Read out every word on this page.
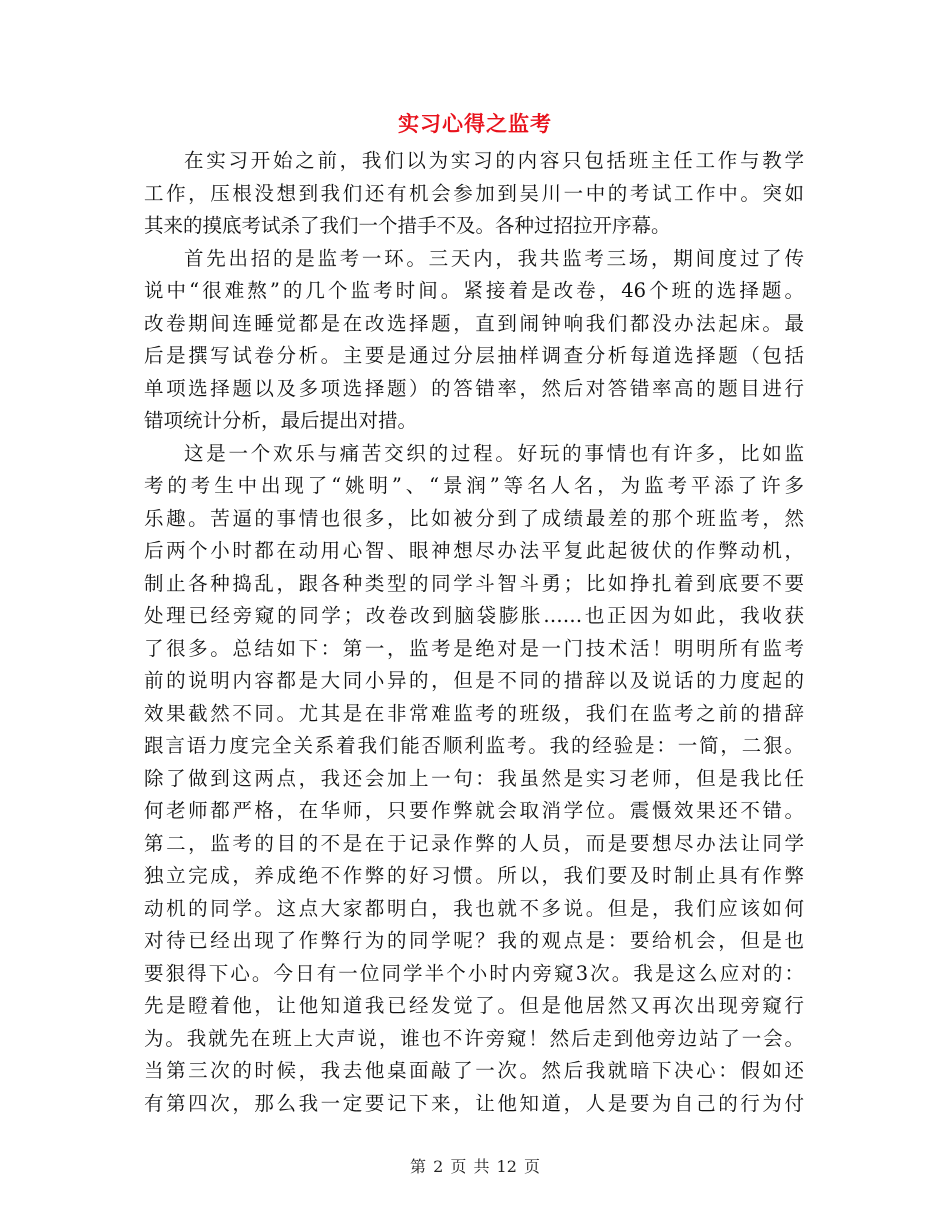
实习心得之监考
在实习开始之前，我们以为实习的内容只包括班主任工作与教学
工作，压根没想到我们还有机会参加到吴川一中的考试工作中。突如
其来的摸底考试杀了我们一个措手不及。各种过招拉开序幕。
首先出招的是监考一环。三天内，我共监考三场，期间度过了传
说中“很难熬”的几个监考时间。紧接着是改卷，46个班的选择题。
改卷期间连睡觉都是在改选择题，直到闹钟响我们都没办法起床。最
后是撰写试卷分析。主要是通过分层抽样调查分析每道选择题（包括
单项选择题以及多项选择题）的答错率，然后对答错率高的题目进行
错项统计分析，最后提出对措。
这是一个欢乐与痛苦交织的过程。好玩的事情也有许多，比如监
考的考生中出现了“姚明”、“景润”等名人名，为监考平添了许多
乐趣。苦逼的事情也很多，比如被分到了成绩最差的那个班监考，然
后两个小时都在动用心智、眼神想尽办法平复此起彼伏的作弊动机，
制止各种捣乱，跟各种类型的同学斗智斗勇；比如挣扎着到底要不要
处理已经旁窥的同学；改卷改到脑袋膨胀……也正因为如此，我收获
了很多。总结如下：第一，监考是绝对是一门技术活！明明所有监考
前的说明内容都是大同小异的，但是不同的措辞以及说话的力度起的
效果截然不同。尤其是在非常难监考的班级，我们在监考之前的措辞
跟言语力度完全关系着我们能否顺利监考。我的经验是：一简，二狠。
除了做到这两点，我还会加上一句：我虽然是实习老师，但是我比任
何老师都严格，在华师，只要作弊就会取消学位。震慑效果还不错。
第二，监考的目的不是在于记录作弊的人员，而是要想尽办法让同学
独立完成，养成绝不作弊的好习惯。所以，我们要及时制止具有作弊
动机的同学。这点大家都明白，我也就不多说。但是，我们应该如何
对待已经出现了作弊行为的同学呢？我的观点是：要给机会，但是也
要狠得下心。今日有一位同学半个小时内旁窥3次。我是这么应对的：
先是瞪着他，让他知道我已经发觉了。但是他居然又再次出现旁窥行
为。我就先在班上大声说，谁也不许旁窥！然后走到他旁边站了一会。
当第三次的时候，我去他桌面敲了一次。然后我就暗下决心：假如还
有第四次，那么我一定要记下来，让他知道，人是要为自己的行为付
第 2 页 共 12 页
